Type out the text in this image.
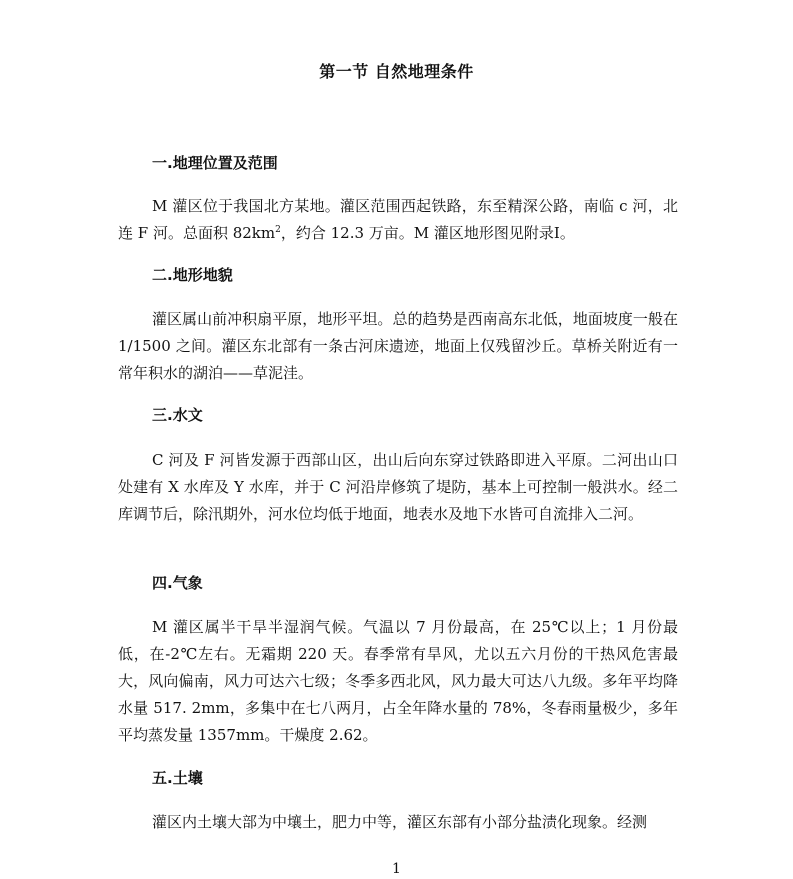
第一节 自然地理条件
一.地理位置及范围

M 灌区位于我国北方某地。灌区范围西起铁路，东至精深公路，南临 c 河，北连 F 河。总面积 $82km^2$，约合 12.3 万亩。M 灌区地形图见附录Ⅰ。

二.地形地貌

灌区属山前冲积扇平原，地形平坦。总的趋势是西南高东北低，地面坡度一般在 1/1500 之间。灌区东北部有一条古河床遗迹，地面上仅残留沙丘。草桥关附近有一常年积水的湖泊——草泥洼。

三.水文

C 河及 F 河皆发源于西部山区，出山后向东穿过铁路即进入平原。二河出山口处建有 X 水库及 Y 水库，并于 C 河沿岸修筑了堤防，基本上可控制一般洪水。经二库调节后，除汛期外，河水位均低于地面，地表水及地下水皆可自流排入二河。

四.气象

M 灌区属半干旱半湿润气候。气温以 7 月份最高，在 25℃以上；1 月份最低，在-2℃左右。无霜期 220 天。春季常有旱风，尤以五六月份的干热风危害最大，风向偏南，风力可达六七级；冬季多西北风，风力最大可达八九级。多年平均降水量 517. 2mm，多集中在七八两月，占全年降水量的 78%，冬春雨量极少，多年平均蒸发量 1357mm。干燥度 2.62。

五.土壤

灌区内土壤大部为中壤土，肥力中等，灌区东部有小部分盐渍化现象。经测

1
